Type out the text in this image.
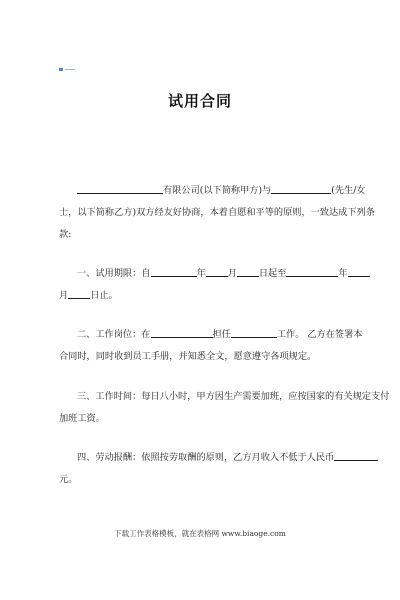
试用合同
有限公司(以下简称甲方)与	(先生/女
士，以下简称乙方)双方经友好协商，本着自愿和平等的原则，一致达成下列条
款:
一、试用期限：自	年 月 日起至	年
月 日止。
二、工作岗位：在	担任	工作。 乙方在签署本
合同时，同时收到员工手册，并知悉全文，愿意遵守各项规定。
三、工作时间：每日八小时，甲方因生产需要加班，应按国家的有关规定支付
加班工资。
四、劳动报酬：依照按劳取酬的原则，乙方月收入不低于人民币
元。
下载工作表格模板，就在表格网 www.biaoge.com
